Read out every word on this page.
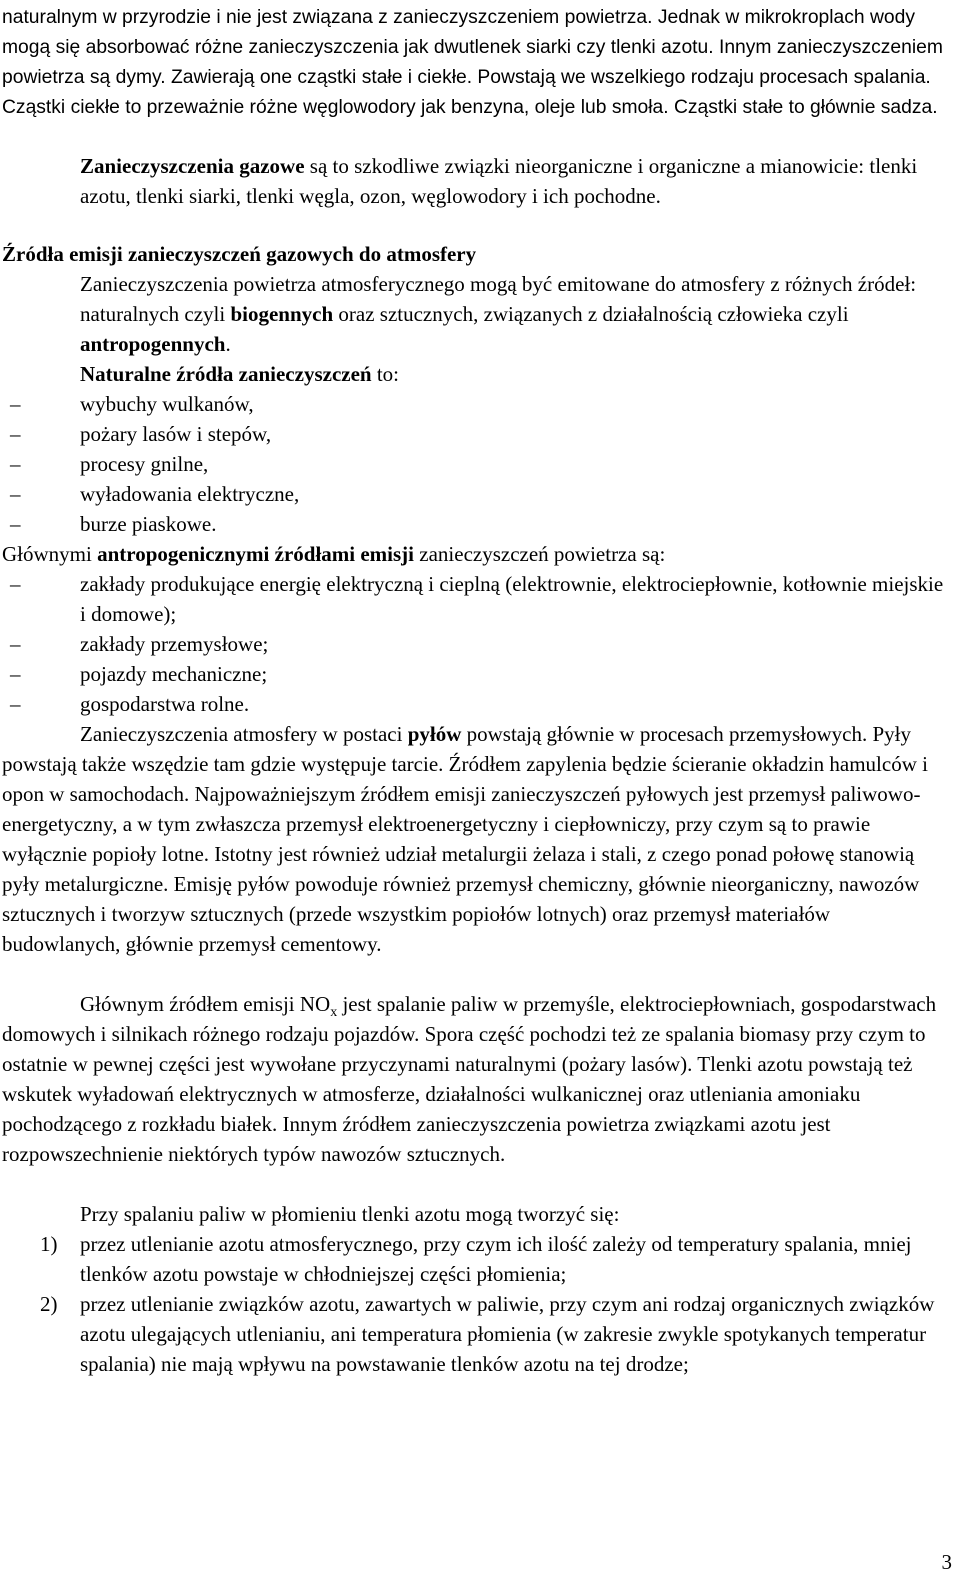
naturalnym w przyrodzie i nie jest związana z zanieczyszczeniem powietrza. Jednak w mikrokroplach wody mogą się absorbować różne zanieczyszczenia jak dwutlenek siarki czy tlenki azotu. Innym zanieczyszczeniem powietrza są dymy. Zawierają one cząstki stałe i ciekłe. Powstają we wszelkiego rodzaju procesach spalania. Cząstki ciekłe to przeważnie różne węglowodory jak benzyna, oleje lub smoła. Cząstki stałe to głównie sadza.

Zanieczyszczenia gazowe są to szkodliwe związki nieorganiczne i organiczne a mianowicie: tlenki azotu, tlenki siarki, tlenki węgla, ozon, węglowodory i ich pochodne.

Źródła emisji zanieczyszczeń gazowych do atmosfery

Zanieczyszczenia powietrza atmosferycznego mogą być emitowane do atmosfery z różnych źródeł: naturalnych czyli biogennych oraz sztucznych, związanych z działalnością człowieka czyli antropogennych.

Naturalne źródła zanieczyszczeń to:

– wybuchy wulkanów,
– pożary lasów i stepów,
– procesy gnilne,
– wyładowania elektryczne,
– burze piaskowe.

Głównymi antropogenicznymi źródłami emisji zanieczyszczeń powietrza są:

– zakłady produkujące energię elektryczną i cieplną (elektrownie, elektrociepłownie, kotłownie miejskie i domowe);
– zakłady przemysłowe;
– pojazdy mechaniczne;
– gospodarstwa rolne.

Zanieczyszczenia atmosfery w postaci pyłów powstają głównie w procesach przemysłowych. Pyły powstają także wszędzie tam gdzie występuje tarcie. Źródłem zapylenia będzie ścieranie okładzin hamulców i opon w samochodach. Najpoważniejszym źródłem emisji zanieczyszczeń pyłowych jest przemysł paliwowo-energetyczny, a w tym zwłaszcza przemysł elektroenergetyczny i ciepłowniczy, przy czym są to prawie wyłącznie popioły lotne. Istotny jest również udział metalurgii żelaza i stali, z czego ponad połowę stanowią pyły metalurgiczne. Emisję pyłów powoduje również przemysł chemiczny, głównie nieorganiczny, nawozów sztucznych i tworzyw sztucznych (przede wszystkim popiołów lotnych) oraz przemysł materiałów budowlanych, głównie przemysł cementowy.

Głównym źródłem emisji $NO_x$ jest spalanie paliw w przemyśle, elektrociepłowniach, gospodarstwach domowych i silnikach różnego rodzaju pojazdów. Spora część pochodzi też ze spalania biomasy przy czym to ostatnie w pewnej części jest wywołane przyczynami naturalnymi (pożary lasów). Tlenki azotu powstają też wskutek wyładowań elektrycznych w atmosferze, działalności wulkanicznej oraz utleniania amoniaku pochodzącego z rozkładu białek. Innym źródłem zanieczyszczenia powietrza związkami azotu jest rozpowszechnienie niektórych typów nawozów sztucznych.

Przy spalaniu paliw w płomieniu tlenki azotu mogą tworzyć się:

1) przez utlenianie azotu atmosferycznego, przy czym ich ilość zależy od temperatury spalania, mniej tlenków azotu powstaje w chłodniejszej części płomienia;
2) przez utlenianie związków azotu, zawartych w paliwie, przy czym ani rodzaj organicznych związków azotu ulegających utlenianiu, ani temperatura płomienia (w zakresie zwykle spotykanych temperatur spalania) nie mają wpływu na powstawanie tlenków azotu na tej drodze;
3
